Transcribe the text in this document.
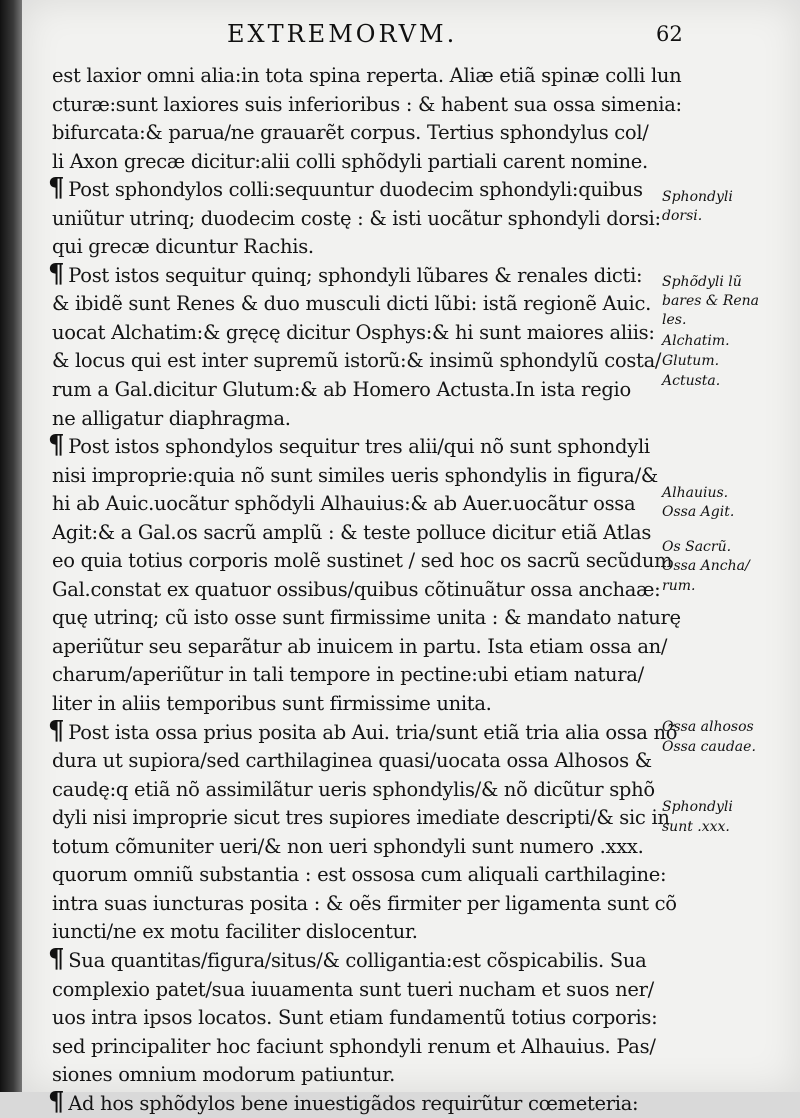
EXTREMORVM.	62
est laxior omni alia:in tota spina reperta. Aliæ etiã spinæ colli lun
cturæ:sunt laxiores suis inferioribus : & habent sua ossa simenia:
bifurcata:& parua/ne grauarẽt corpus. Tertius sphondylus col/
li Axon grecæ dicitur:alii colli sphõdyli partiali carent nomine.
¶ Post sphondylos colli:sequuntur duodecim sphondyli:quibus
uniũtur utrinq; duodecim costę : & isti uocãtur sphondyli dorsi:
qui grecæ dicuntur Rachis.
¶ Post istos sequitur quinq; sphondyli lũbares & renales dicti:
& ibidẽ sunt Renes & duo musculi dicti lũbi: istã regionẽ Auic.
uocat Alchatim:& gręcę dicitur Osphys:& hi sunt maiores aliis:
& locus qui est inter supremũ istorũ:& insimũ sphondylũ costa/
rum a Gal.dicitur Glutum:& ab Homero Actusta.In ista regio
ne alligatur diaphragma.
¶ Post istos sphondylos sequitur tres alii/qui nõ sunt sphondyli
nisi improprie:quia nõ sunt similes ueris sphondylis in figura/&
hi ab Auic.uocãtur sphõdyli Alhauius:& ab Auer.uocãtur ossa
Agit:& a Gal.os sacrũ amplũ : & teste polluce dicitur etiã Atlas
eo quia totius corporis molẽ sustinet / sed hoc os sacrũ secũdum
Gal.constat ex quatuor ossibus/quibus cõtinuãtur ossa anchaæ:
quę utrinq; cũ isto osse sunt firmissime unita : & mandato naturę
aperiũtur seu separãtur ab inuicem in partu. Ista etiam ossa an/
charum/aperiũtur in tali tempore in pectine:ubi etiam natura/
liter in aliis temporibus sunt firmissime unita.
¶ Post ista ossa prius posita ab Aui. tria/sunt etiã tria alia ossa nõ
dura ut supiora/sed carthilaginea quasi/uocata ossa Alhosos &
caudę:q etiã nõ assimilãtur ueris sphondylis/& nõ dicũtur sphõ
dyli nisi improprie sicut tres supiores imediate descripti/& sic in
totum cõmuniter ueri/& non ueri sphondyli sunt numero .xxx.
quorum omniũ substantia : est ossosa cum aliquali carthilagine:
intra suas iuncturas posita : & oẽs firmiter per ligamenta sunt cõ
iuncti/ne ex motu faciliter dislocentur.
¶ Sua quantitas/figura/situs/& colligantia:est cõspicabilis. Sua
complexio patet/sua iuuamenta sunt tueri nucham et suos ner/
uos intra ipsos locatos. Sunt etiam fundamentũ totius corporis:
sed principaliter hoc faciunt sphondyli renum et Alhauius. Pas/
siones omnium modorum patiuntur.
¶ Ad hos sphõdylos bene inuestigãdos requirũtur cœmeteria:
Sphondyli
dorsi.
Sphõdyli lũ
bares & Rena
les.
Alchatim.
Glutum.
Actusta.
Alhauius.
Ossa Agit.
Os Sacrũ.
Ossa Ancha/
rum.
Ossa alhosos
Ossa caudae.
Sphondyli
sunt .xxx.
